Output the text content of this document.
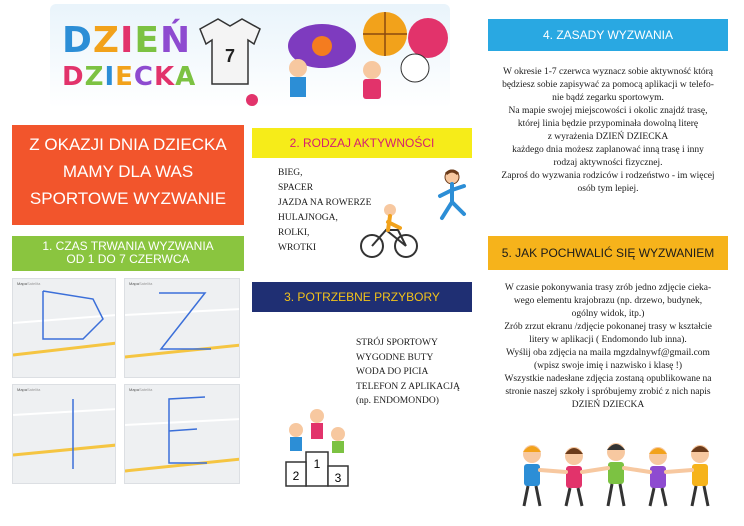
DZIEŃ
DZIECKA
7
Z OKAZJI DNIA DZIECKA
MAMY DLA WAS
SPORTOWE WYZWANIE
1. CZAS TRWANIA WYZWANIA
OD 1 DO 7 CZERWCA
Mapa Satelita	Mapa Satelita
Mapa Satelita	Mapa Satelita
2. RODZAJ AKTYWNOŚCI
BIEG,
SPACER
JAZDA NA ROWERZE
HULAJNOGA,
ROLKI,
WROTKI
3. POTRZEBNE PRZYBORY
STRÓJ SPORTOWY
WYGODNE BUTY
WODA DO PICIA
TELEFON Z APLIKACJĄ
(np. ENDOMONDO)
1
2	3
4. ZASADY WYZWANIA
W okresie 1-7 czerwca wyznacz sobie aktywność którą
będziesz sobie zapisywać za pomocą aplikacji w telefo-
nie bądź zegarku sportowym.
Na mapie swojej miejscowości i okolic znajdź trasę,
której linia będzie przypominała dowolną literę
z wyrażenia DZIEŃ DZIECKA
każdego dnia możesz zaplanować inną trasę i inny
rodzaj aktywności fizycznej.
Zaproś do wyzwania rodziców i rodzeństwo - im więcej
osób tym lepiej.
5. JAK POCHWALIĆ SIĘ WYZWANIEM
W czasie pokonywania trasy zrób jedno zdjęcie cieka-
wego elementu krajobrazu (np. drzewo, budynek,
ogólny widok, itp.)
Zrób zrzut ekranu /zdjęcie pokonanej trasy w kształcie
litery w aplikacji ( Endomondo lub inna).
Wyślij oba zdjęcia na maila mgzdalnywf@gmail.com
(wpisz swoje imię i nazwisko i klasę !)
Wszystkie nadesłane zdjęcia zostaną opublikowane na
stronie naszej szkoły i spróbujemy zrobić z nich napis
DZIEŃ DZIECKA
